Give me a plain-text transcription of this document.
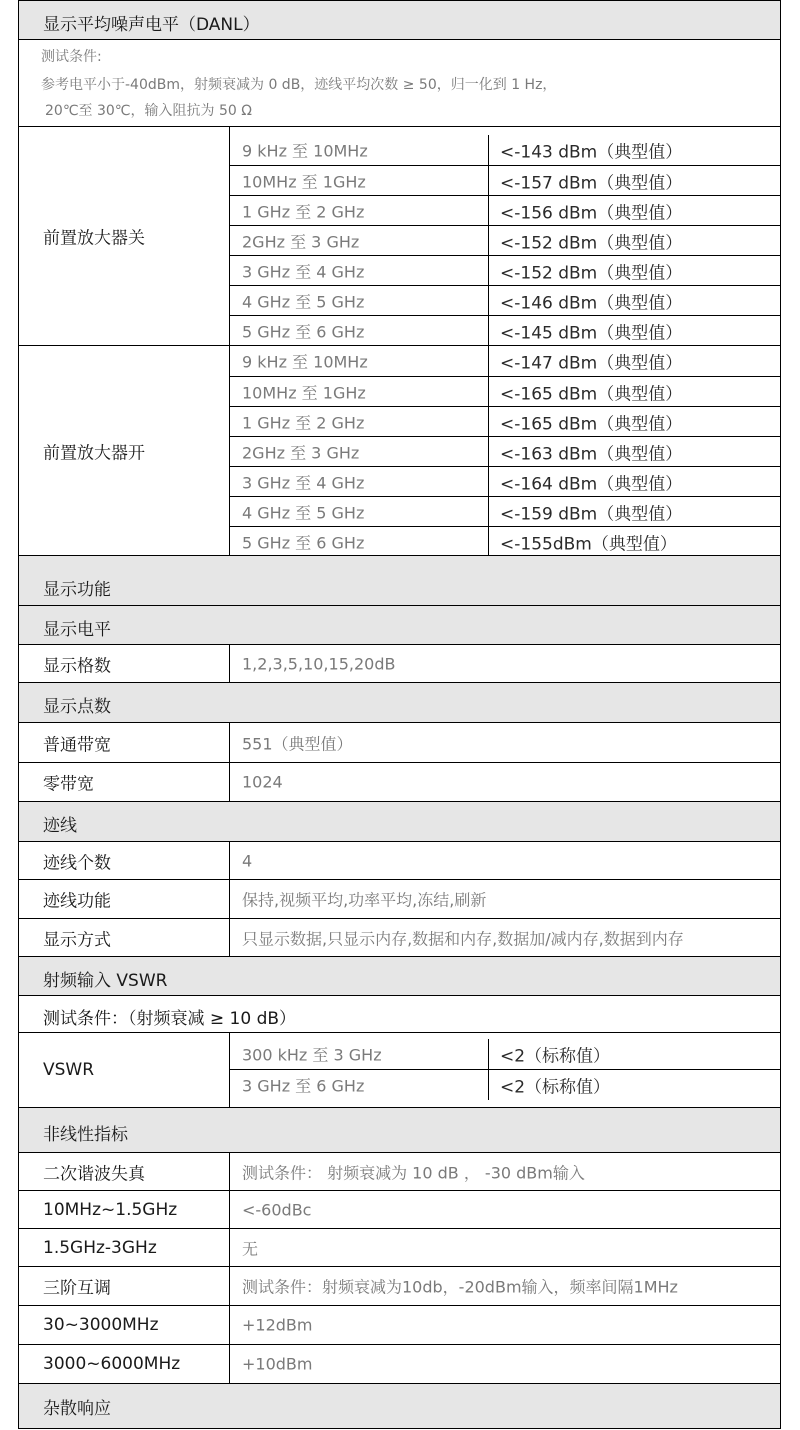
显示平均噪声电平（DANL）
测试条件:
参考电平小于-40dBm，射频衰减为 0 dB，迹线平均次数 ≥ 50，归一化到 1 Hz，
20℃至 30℃，输入阻抗为 50 Ω
前置放大器关
9 kHz 至 10MHz	<-143 dBm（典型值）
10MHz 至 1GHz	<-157 dBm（典型值）
1 GHz 至 2 GHz	<-156 dBm（典型值）
2GHz 至 3 GHz	<-152 dBm（典型值）
3 GHz 至 4 GHz	<-152 dBm（典型值）
4 GHz 至 5 GHz	<-146 dBm（典型值）
5 GHz 至 6 GHz	<-145 dBm（典型值）
前置放大器开
9 kHz 至 10MHz	<-147 dBm（典型值）
10MHz 至 1GHz	<-165 dBm（典型值）
1 GHz 至 2 GHz	<-165 dBm（典型值）
2GHz 至 3 GHz	<-163 dBm（典型值）
3 GHz 至 4 GHz	<-164 dBm（典型值）
4 GHz 至 5 GHz	<-159 dBm（典型值）
5 GHz 至 6 GHz	<-155dBm（典型值）
显示功能
显示电平
显示格数	1,2,3,5,10,15,20dB
显示点数
普通带宽	551（典型值）
零带宽	1024
迹线
迹线个数	4
迹线功能	保持,视频平均,功率平均,冻结,刷新
显示方式	只显示数据,只显示内存,数据和内存,数据加/减内存,数据到内存
射频输入 VSWR
测试条件：（射频衰减 ≥ 10 dB）
VSWR
300 kHz 至 3 GHz	<2（标称值）
3 GHz 至 6 GHz	<2（标称值）
非线性指标
二次谐波失真	测试条件： 射频衰减为 10 dB ， -30 dBm输入
10MHz~1.5GHz	<-60dBc
1.5GHz-3GHz	无
三阶互调	测试条件：射频衰减为10db，-20dBm输入，频率间隔1MHz
30~3000MHz	+12dBm
3000~6000MHz	+10dBm
杂散响应
